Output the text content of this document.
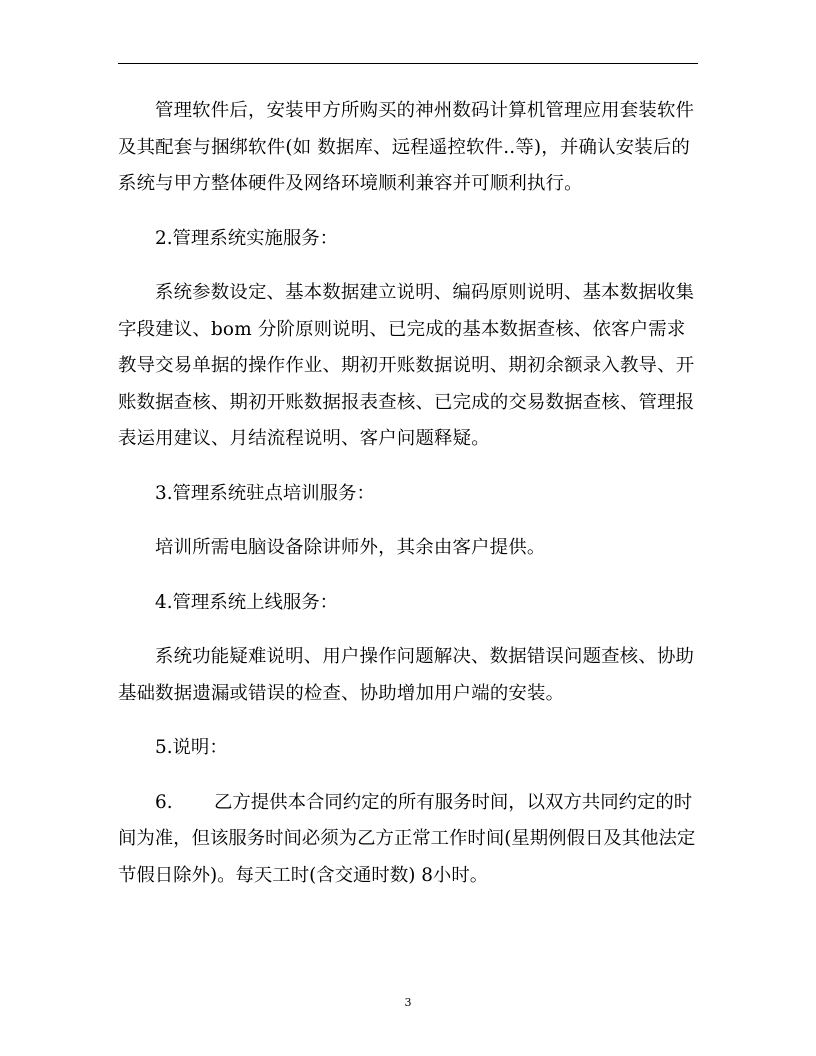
管理软件后，安装甲方所购买的神州数码计算机管理应用套装软件及其配套与捆绑软件(如 数据库、远程遥控软件..等)，并确认安装后的系统与甲方整体硬件及网络环境顺利兼容并可顺利执行。

2.管理系统实施服务：

系统参数设定、基本数据建立说明、编码原则说明、基本数据收集字段建议、bom 分阶原则说明、已完成的基本数据查核、依客户需求教导交易单据的操作作业、期初开账数据说明、期初余额录入教导、开账数据查核、期初开账数据报表查核、已完成的交易数据查核、管理报表运用建议、月结流程说明、客户问题释疑。

3.管理系统驻点培训服务：

培训所需电脑设备除讲师外，其余由客户提供。

4.管理系统上线服务：

系统功能疑难说明、用户操作问题解决、数据错误问题查核、协助基础数据遗漏或错误的检查、协助增加用户端的安装。

5.说明：

6. 乙方提供本合同约定的所有服务时间，以双方共同约定的时间为准，但该服务时间必须为乙方正常工作时间(星期例假日及其他法定节假日除外)。每天工时(含交通时数) 8小时。

3
